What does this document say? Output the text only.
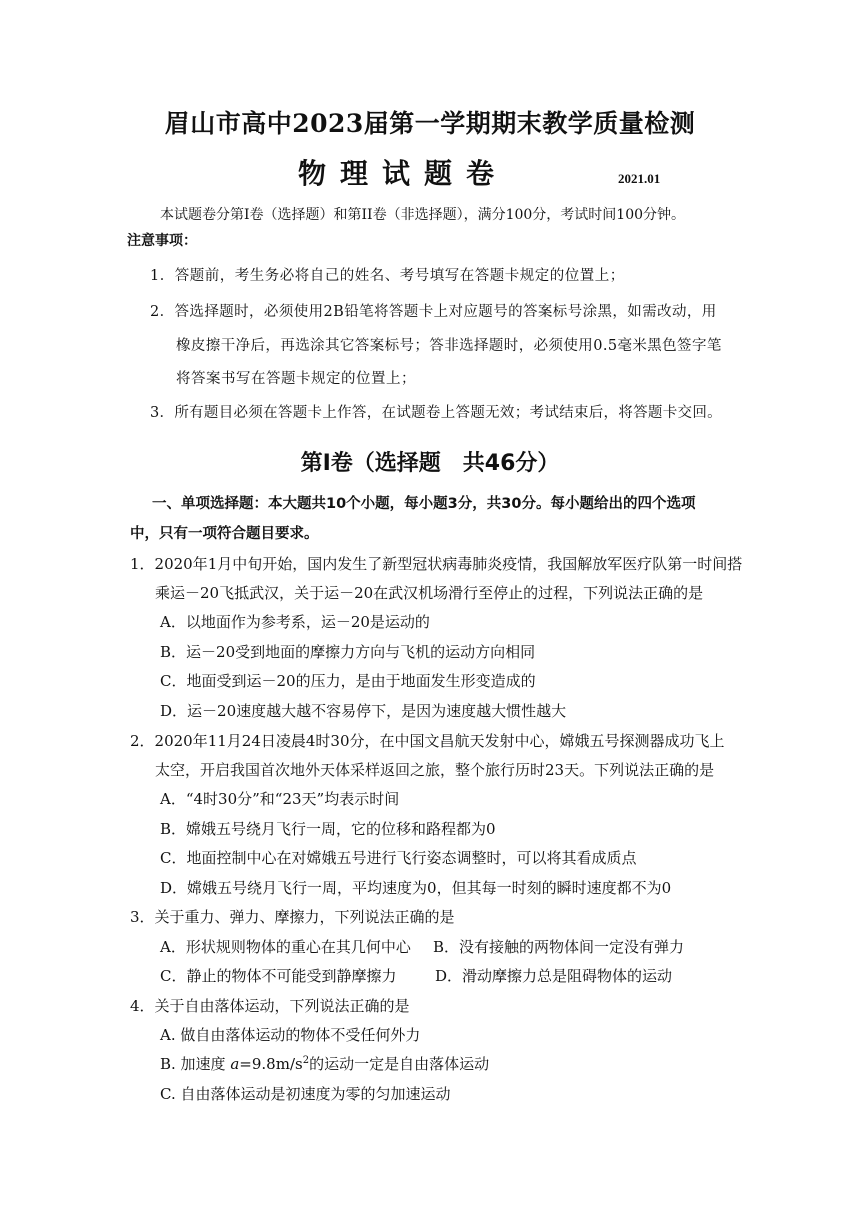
眉山市高中2023届第一学期期末教学质量检测
物理试题卷	2021.01
本试题卷分第I卷（选择题）和第II卷（非选择题），满分100分，考试时间100分钟。
注意事项：
1．答题前，考生务必将自己的姓名、考号填写在答题卡规定的位置上；
2．答选择题时，必须使用2B铅笔将答题卡上对应题号的答案标号涂黑，如需改动，用
橡皮擦干净后，再选涂其它答案标号；答非选择题时，必须使用0.5毫米黑色签字笔
将答案书写在答题卡规定的位置上；
3．所有题目必须在答题卡上作答，在试题卷上答题无效；考试结束后，将答题卡交回。
第I卷（选择题　共46分）
一、单项选择题：本大题共10个小题，每小题3分，共30分。每小题给出的四个选项
中，只有一项符合题目要求。
1．2020年1月中旬开始，国内发生了新型冠状病毒肺炎疫情，我国解放军医疗队第一时间搭
乘运－20飞抵武汉，关于运－20在武汉机场滑行至停止的过程，下列说法正确的是
A．以地面作为参考系，运－20是运动的
B．运－20受到地面的摩擦力方向与飞机的运动方向相同
C．地面受到运－20的压力，是由于地面发生形变造成的
D．运－20速度越大越不容易停下，是因为速度越大惯性越大
2．2020年11月24日凌晨4时30分，在中国文昌航天发射中心，嫦娥五号探测器成功飞上
太空，开启我国首次地外天体采样返回之旅，整个旅行历时23天。下列说法正确的是
A．“4时30分”和“23天”均表示时间
B．嫦娥五号绕月飞行一周，它的位移和路程都为0
C．地面控制中心在对嫦娥五号进行飞行姿态调整时，可以将其看成质点
D．嫦娥五号绕月飞行一周，平均速度为0，但其每一时刻的瞬时速度都不为0
3．关于重力、弹力、摩擦力，下列说法正确的是
A．形状规则物体的重心在其几何中心 B．没有接触的两物体间一定没有弹力
C．静止的物体不可能受到静摩擦力	D．滑动摩擦力总是阻碍物体的运动
4．关于自由落体运动，下列说法正确的是
A. 做自由落体运动的物体不受任何外力
B. 加速度 $a=9.8m/s^2$的运动一定是自由落体运动
C. 自由落体运动是初速度为零的匀加速运动
